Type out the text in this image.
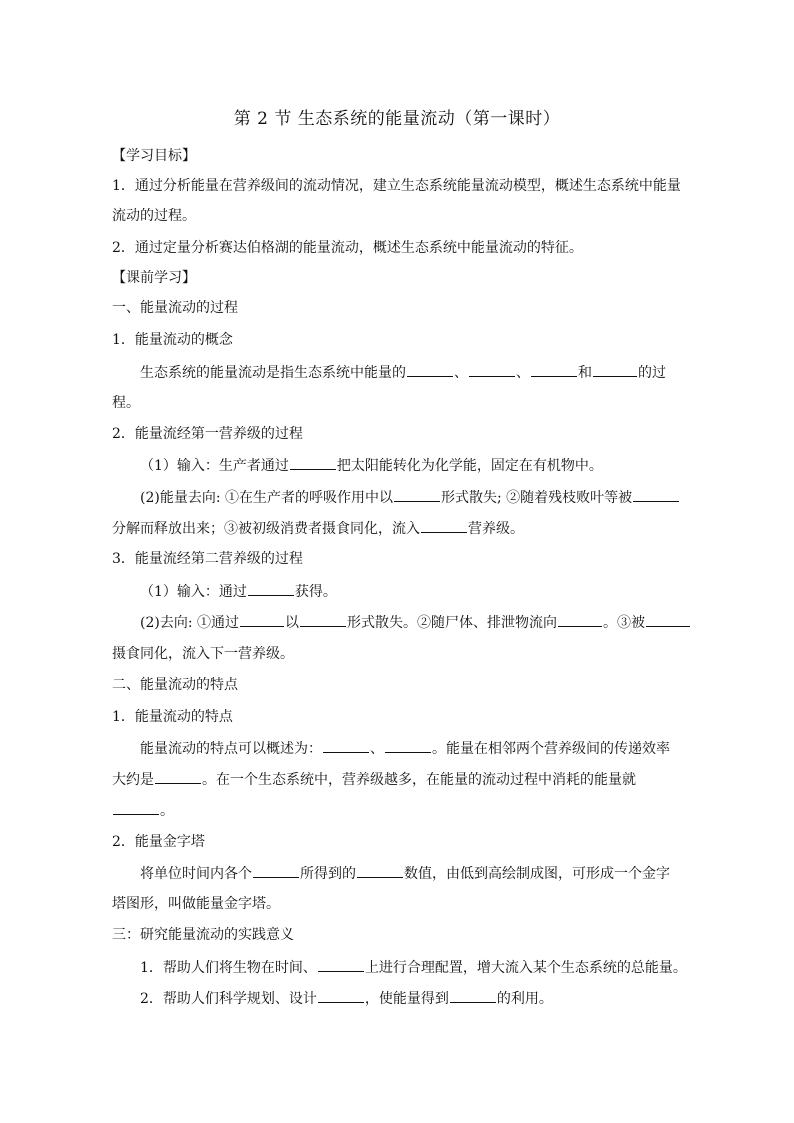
第 2 节 生态系统的能量流动（第一课时）
【学习目标】
1．通过分析能量在营养级间的流动情况，建立生态系统能量流动模型，概述生态系统中能量
流动的过程。
2．通过定量分析赛达伯格湖的能量流动，概述生态系统中能量流动的特征。
【课前学习】
一、能量流动的过程
1．能量流动的概念
生态系统的能量流动是指生态系统中能量的	、	、	和	的过
程。
2．能量流经第一营养级的过程
（1）输入：生产者通过	把太阳能转化为化学能，固定在有机物中。
(2)能量去向: ①在生产者的呼吸作用中以	形式散失; ②随着残枝败叶等被
分解而释放出来；③被初级消费者摄食同化，流入	营养级。
3．能量流经第二营养级的过程
（1）输入：通过	获得。
(2)去向: ①通过	以	形式散失。②随尸体、排泄物流向	。③被
摄食同化，流入下一营养级。
二、能量流动的特点
1．能量流动的特点
能量流动的特点可以概述为：	、	。能量在相邻两个营养级间的传递效率
大约是	。在一个生态系统中，营养级越多，在能量的流动过程中消耗的能量就
。
2．能量金字塔
将单位时间内各个	所得到的	数值，由低到高绘制成图，可形成一个金字
塔图形，叫做能量金字塔。
三：研究能量流动的实践意义
1．帮助人们将生物在时间、	上进行合理配置，增大流入某个生态系统的总能量。
2．帮助人们科学规划、设计	，使能量得到	的利用。
